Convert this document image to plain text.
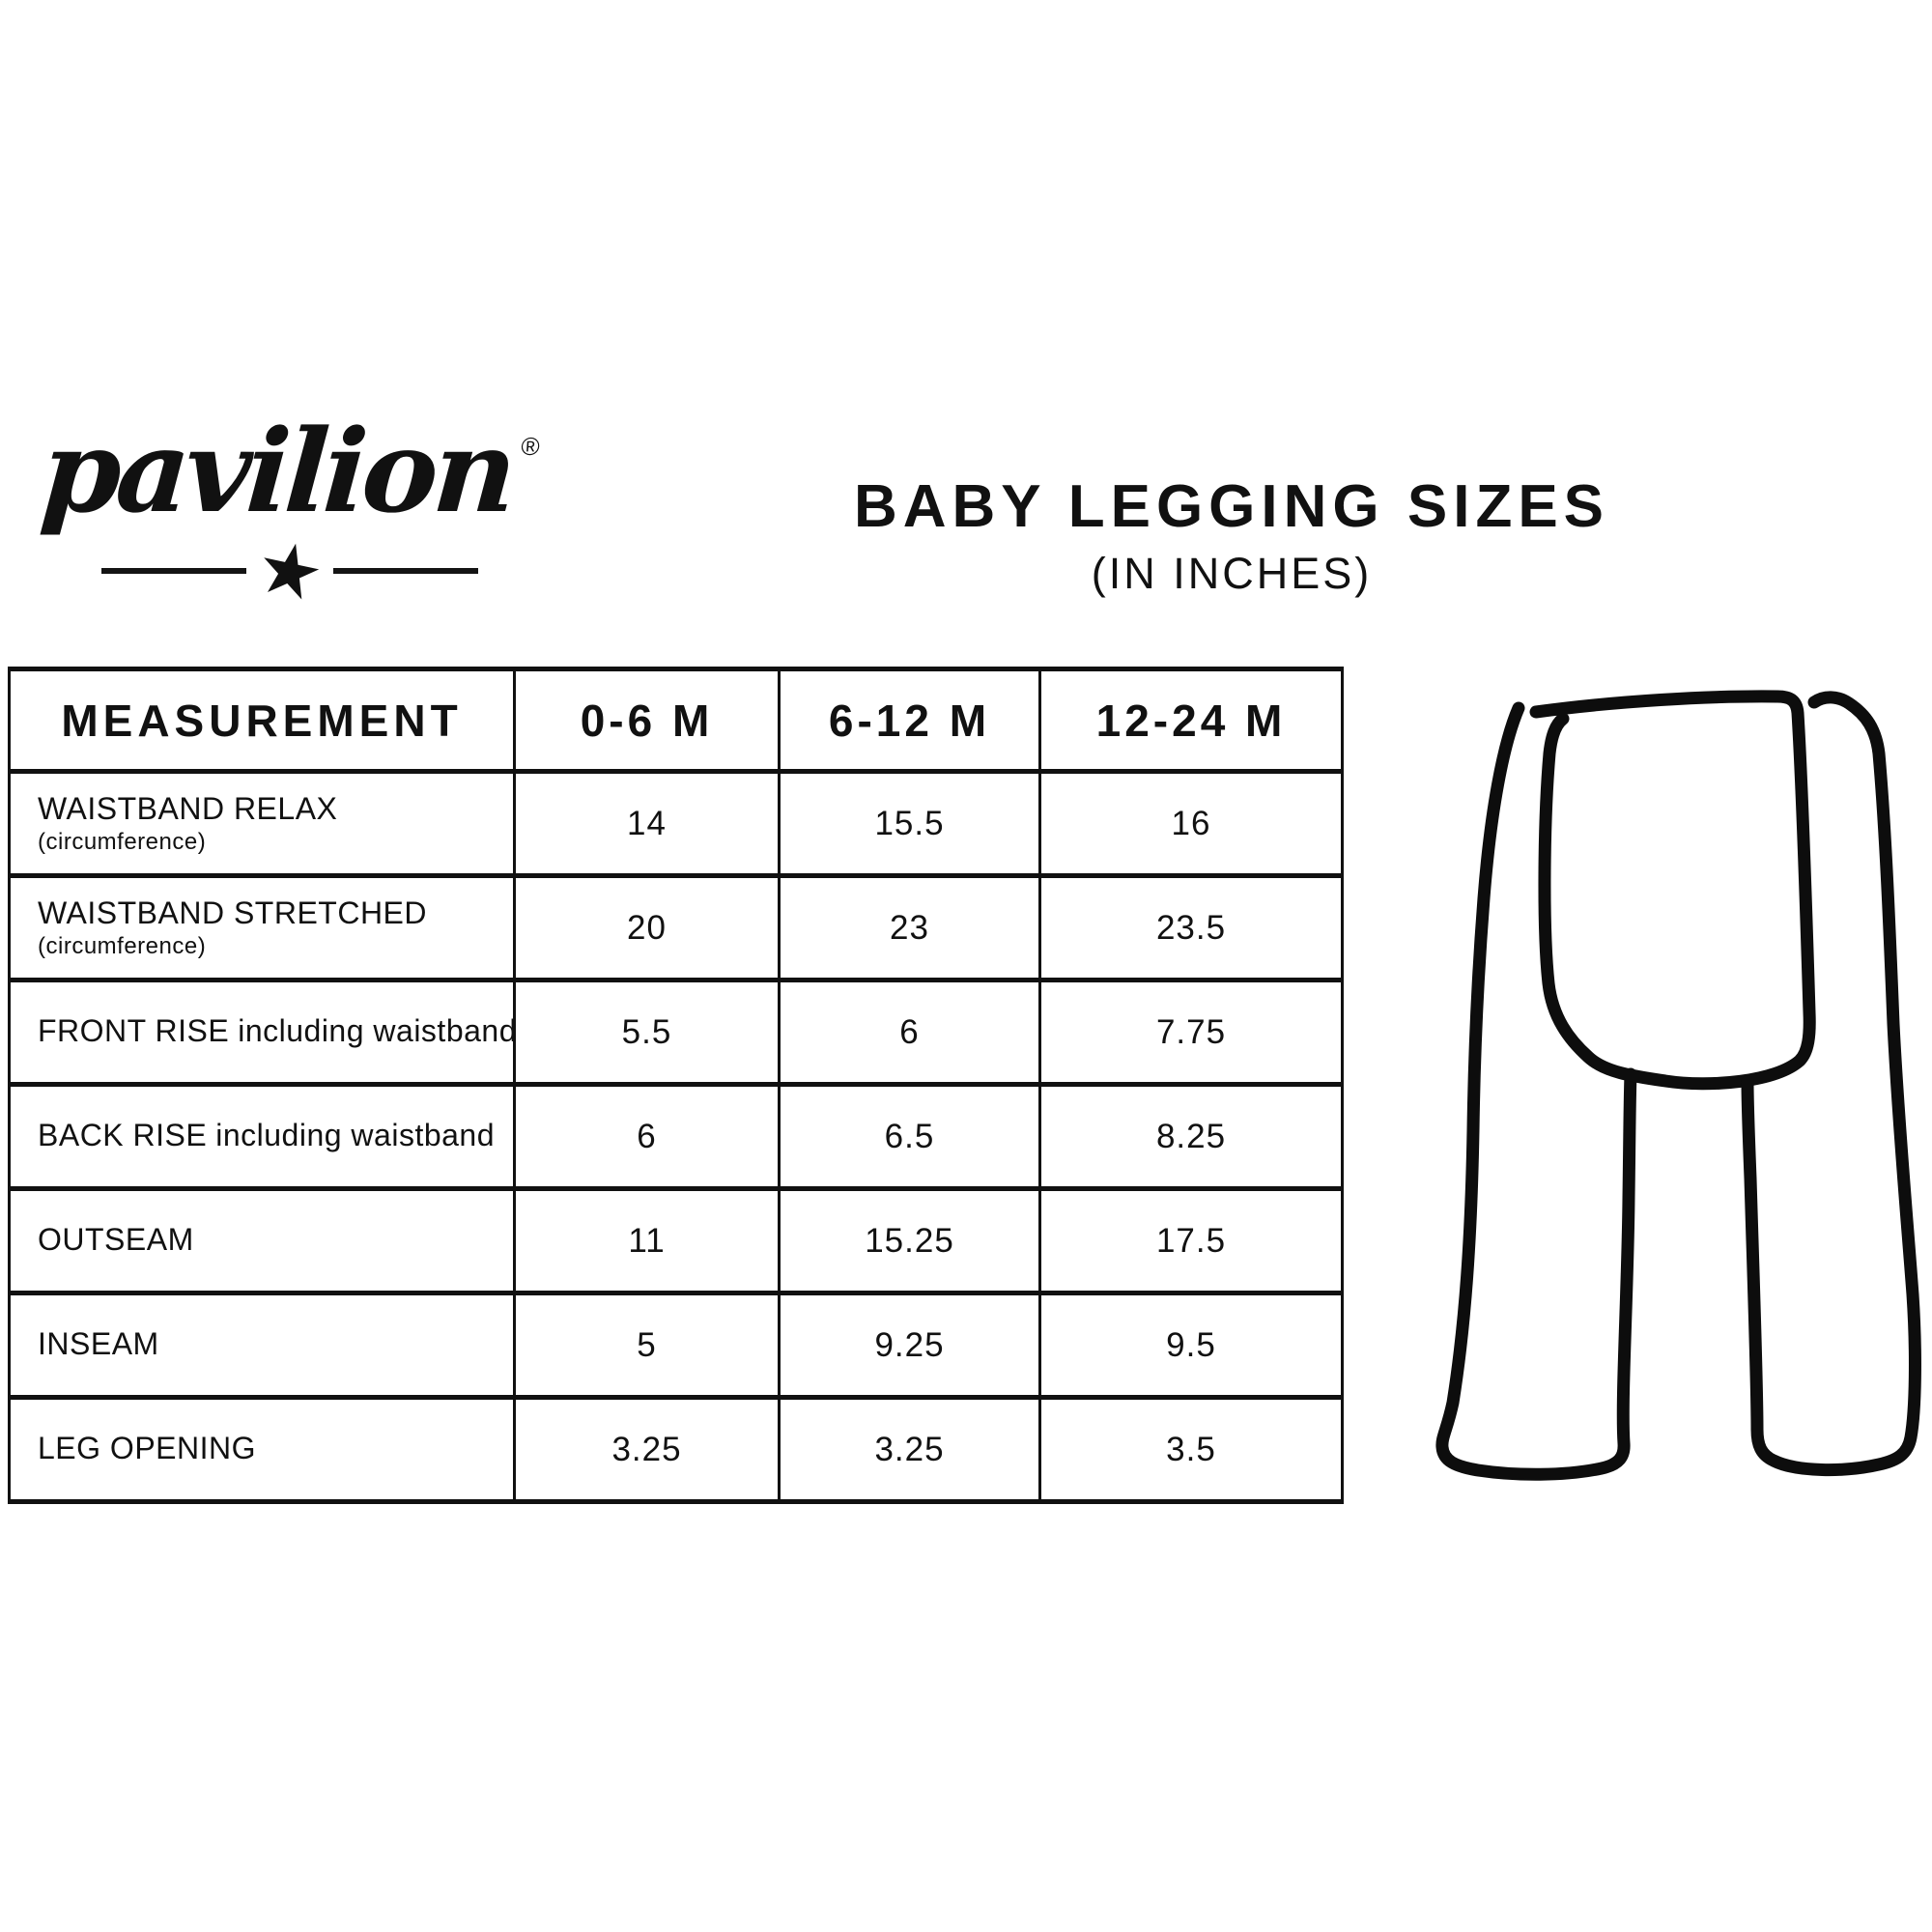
pavilion ®
★
BABY LEGGING SIZES
(IN INCHES)
MEASUREMENT	0-6 M	6-12 M	12-24 M

WAISTBAND RELAX
(circumference)	14	15.5	16

WAISTBAND STRETCHED
(circumference)	20	23	23.5

FRONT RISE including waistband	5.5	6	7.75

BACK RISE including waistband	6	6.5	8.25

OUTSEAM	11	15.25	17.5

INSEAM	5	9.25	9.5

LEG OPENING	3.25	3.25	3.5
